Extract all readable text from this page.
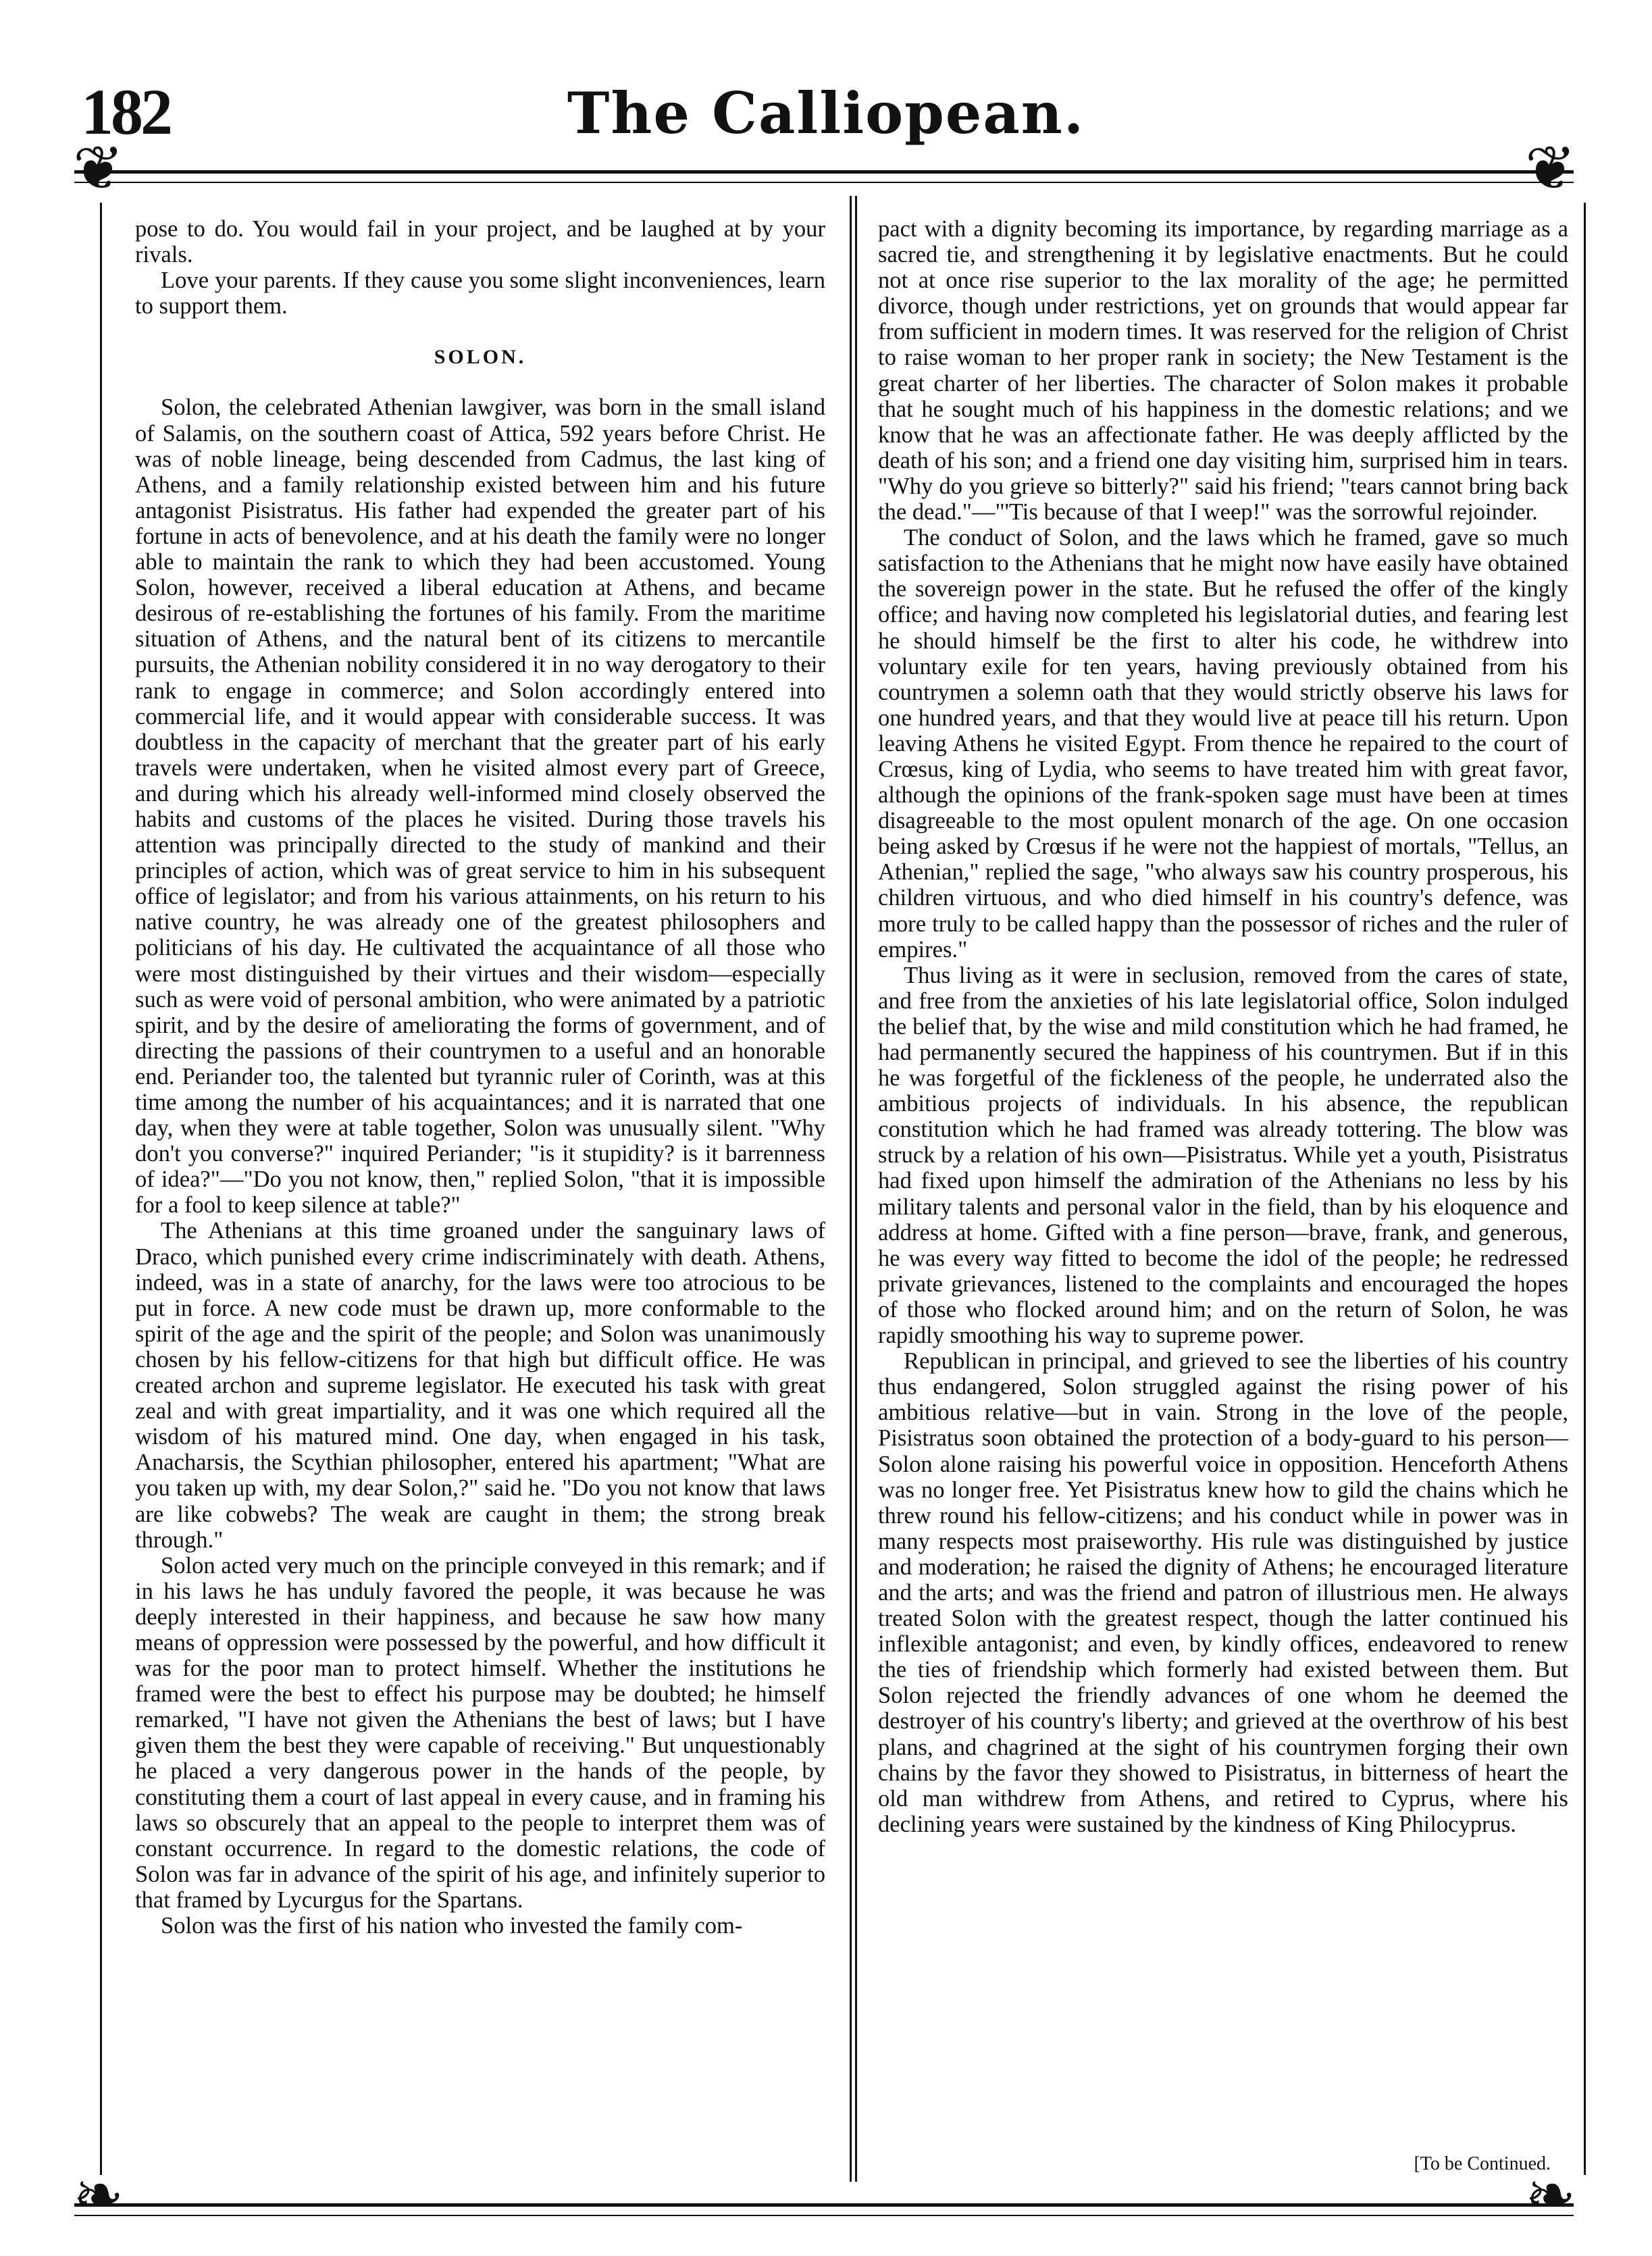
182	The Calliopean.
❦	❦
❧	❧

pose to do. You would fail in your project, and be laughed at by your rivals.

Love your parents. If they cause you some slight inconveniences, learn to support them.

SOLON.

Solon, the celebrated Athenian lawgiver, was born in the small island of Salamis, on the southern coast of Attica, 592 years before Christ. He was of noble lineage, being descended from Cadmus, the last king of Athens, and a family relationship existed between him and his future antagonist Pisistratus. His father had expended the greater part of his fortune in acts of benevolence, and at his death the family were no longer able to maintain the rank to which they had been accustomed. Young Solon, however, received a liberal education at Athens, and became desirous of re-establishing the fortunes of his family. From the maritime situation of Athens, and the natural bent of its citizens to mercantile pursuits, the Athenian nobility considered it in no way derogatory to their rank to engage in commerce; and Solon accordingly entered into commercial life, and it would appear with considerable success. It was doubtless in the capacity of merchant that the greater part of his early travels were undertaken, when he visited almost every part of Greece, and during which his already well-informed mind closely observed the habits and customs of the places he visited. During those travels his attention was principally directed to the study of mankind and their principles of action, which was of great service to him in his subsequent office of legislator; and from his various attainments, on his return to his native country, he was already one of the greatest philosophers and politicians of his day. He cultivated the acquaintance of all those who were most distinguished by their virtues and their wisdom—especially such as were void of personal ambition, who were animated by a patriotic spirit, and by the desire of ameliorating the forms of government, and of directing the passions of their countrymen to a useful and an honorable end. Periander too, the talented but tyrannic ruler of Corinth, was at this time among the number of his acquaintances; and it is narrated that one day, when they were at table together, Solon was unusually silent. "Why don't you converse?" inquired Periander; "is it stupidity? is it barrenness of idea?"—"Do you not know, then," replied Solon, "that it is impossible for a fool to keep silence at table?"

The Athenians at this time groaned under the sanguinary laws of Draco, which punished every crime indiscriminately with death. Athens, indeed, was in a state of anarchy, for the laws were too atrocious to be put in force. A new code must be drawn up, more conformable to the spirit of the age and the spirit of the people; and Solon was unanimously chosen by his fellow-citizens for that high but difficult office. He was created archon and supreme legislator. He executed his task with great zeal and with great impartiality, and it was one which required all the wisdom of his matured mind. One day, when engaged in his task, Anacharsis, the Scythian philosopher, entered his apartment; "What are you taken up with, my dear Solon,?" said he. "Do you not know that laws are like cobwebs? The weak are caught in them; the strong break through."

Solon acted very much on the principle conveyed in this remark; and if in his laws he has unduly favored the people, it was because he was deeply interested in their happiness, and because he saw how many means of oppression were possessed by the powerful, and how difficult it was for the poor man to protect himself. Whether the institutions he framed were the best to effect his purpose may be doubted; he himself remarked, "I have not given the Athenians the best of laws; but I have given them the best they were capable of receiving." But unquestionably he placed a very dangerous power in the hands of the people, by constituting them a court of last appeal in every cause, and in framing his laws so obscurely that an appeal to the people to interpret them was of constant occurrence. In regard to the domestic relations, the code of Solon was far in advance of the spirit of his age, and infinitely superior to that framed by Lycurgus for the Spartans.

Solon was the first of his nation who invested the family com-

pact with a dignity becoming its importance, by regarding marriage as a sacred tie, and strengthening it by legislative enactments. But he could not at once rise superior to the lax morality of the age; he permitted divorce, though under restrictions, yet on grounds that would appear far from sufficient in modern times. It was reserved for the religion of Christ to raise woman to her proper rank in society; the New Testament is the great charter of her liberties. The character of Solon makes it probable that he sought much of his happiness in the domestic relations; and we know that he was an affectionate father. He was deeply afflicted by the death of his son; and a friend one day visiting him, surprised him in tears. "Why do you grieve so bitterly?" said his friend; "tears cannot bring back the dead."—"'Tis because of that I weep!" was the sorrowful rejoinder.

The conduct of Solon, and the laws which he framed, gave so much satisfaction to the Athenians that he might now have easily have obtained the sovereign power in the state. But he refused the offer of the kingly office; and having now completed his legislatorial duties, and fearing lest he should himself be the first to alter his code, he withdrew into voluntary exile for ten years, having previously obtained from his countrymen a solemn oath that they would strictly observe his laws for one hundred years, and that they would live at peace till his return. Upon leaving Athens he visited Egypt. From thence he repaired to the court of Crœsus, king of Lydia, who seems to have treated him with great favor, although the opinions of the frank-spoken sage must have been at times disagreeable to the most opulent monarch of the age. On one occasion being asked by Crœsus if he were not the happiest of mortals, "Tellus, an Athenian," replied the sage, "who always saw his country prosperous, his children virtuous, and who died himself in his country's defence, was more truly to be called happy than the possessor of riches and the ruler of empires."

Thus living as it were in seclusion, removed from the cares of state, and free from the anxieties of his late legislatorial office, Solon indulged the belief that, by the wise and mild constitution which he had framed, he had permanently secured the happiness of his countrymen. But if in this he was forgetful of the fickleness of the people, he underrated also the ambitious projects of individuals. In his absence, the republican constitution which he had framed was already tottering. The blow was struck by a relation of his own—Pisistratus. While yet a youth, Pisistratus had fixed upon himself the admiration of the Athenians no less by his military talents and personal valor in the field, than by his eloquence and address at home. Gifted with a fine person—brave, frank, and generous, he was every way fitted to become the idol of the people; he redressed private grievances, listened to the complaints and encouraged the hopes of those who flocked around him; and on the return of Solon, he was rapidly smoothing his way to supreme power.

Republican in principal, and grieved to see the liberties of his country thus endangered, Solon struggled against the rising power of his ambitious relative—but in vain. Strong in the love of the people, Pisistratus soon obtained the protection of a body-guard to his person—Solon alone raising his powerful voice in opposition. Henceforth Athens was no longer free. Yet Pisistratus knew how to gild the chains which he threw round his fellow-citizens; and his conduct while in power was in many respects most praiseworthy. His rule was distinguished by justice and moderation; he raised the dignity of Athens; he encouraged literature and the arts; and was the friend and patron of illustrious men. He always treated Solon with the greatest respect, though the latter continued his inflexible antagonist; and even, by kindly offices, endeavored to renew the ties of friendship which formerly had existed between them. But Solon rejected the friendly advances of one whom he deemed the destroyer of his country's liberty; and grieved at the overthrow of his best plans, and chagrined at the sight of his countrymen forging their own chains by the favor they showed to Pisistratus, in bitterness of heart the old man withdrew from Athens, and retired to Cyprus, where his declining years were sustained by the kindness of King Philocyprus.

[To be Continued.
